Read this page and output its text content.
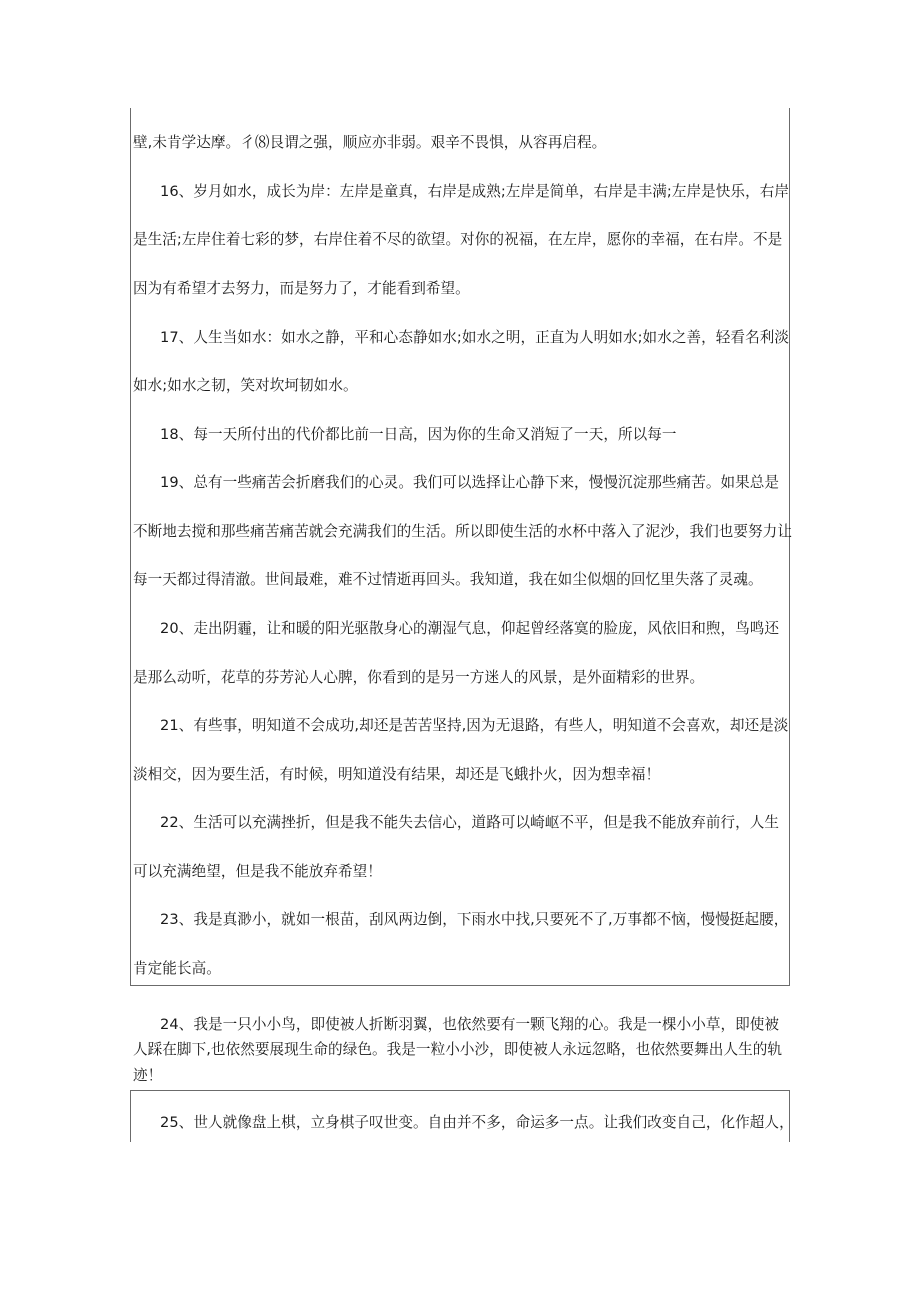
壁,未肯学达摩。彳⑻艮谓之强，顺应亦非弱。艰辛不畏惧，从容再启程。
16、岁月如水，成长为岸：左岸是童真，右岸是成熟;左岸是简单，右岸是丰满;左岸是快乐，右岸
是生活;左岸住着七彩的梦，右岸住着不尽的欲望。对你的祝福，在左岸，愿你的幸福，在右岸。不是
因为有希望才去努力，而是努力了，才能看到希望。
17、人生当如水：如水之静，平和心态静如水;如水之明，正直为人明如水;如水之善，轻看名利淡
如水;如水之韧，笑对坎坷韧如水。
18、每一天所付出的代价都比前一日高，因为你的生命又消短了一天，所以每一
19、总有一些痛苦会折磨我们的心灵。我们可以选择让心静下来，慢慢沉淀那些痛苦。如果总是
不断地去搅和那些痛苦痛苦就会充满我们的生活。所以即使生活的水杯中落入了泥沙，我们也要努力让
每一天都过得清澈。世间最难，难不过情逝再回头。我知道，我在如尘似烟的回忆里失落了灵魂。
20、走出阴霾，让和暖的阳光驱散身心的潮湿气息，仰起曾经落寞的脸庞，风依旧和煦，鸟鸣还
是那么动听，花草的芬芳沁人心脾，你看到的是另一方迷人的风景，是外面精彩的世界。
21、有些事，明知道不会成功,却还是苦苦坚持,因为无退路，有些人，明知道不会喜欢，却还是淡
淡相交，因为要生活，有时候，明知道没有结果，却还是飞蛾扑火，因为想幸福！
22、生活可以充满挫折，但是我不能失去信心，道路可以崎岖不平，但是我不能放弃前行，人生
可以充满绝望，但是我不能放弃希望！
23、我是真渺小，就如一根苗，刮风两边倒，下雨水中找,只要死不了,万事都不恼，慢慢挺起腰，
肯定能长高。
24、我是一只小小鸟，即使被人折断羽翼，也依然要有一颗飞翔的心。我是一棵小小草，即使被
人踩在脚下,也依然要展现生命的绿色。我是一粒小小沙，即使被人永远忽略，也依然要舞出人生的轨
迹！
25、世人就像盘上棋，立身棋子叹世变。自由并不多，命运多一点。让我们改变自己，化作超人，
